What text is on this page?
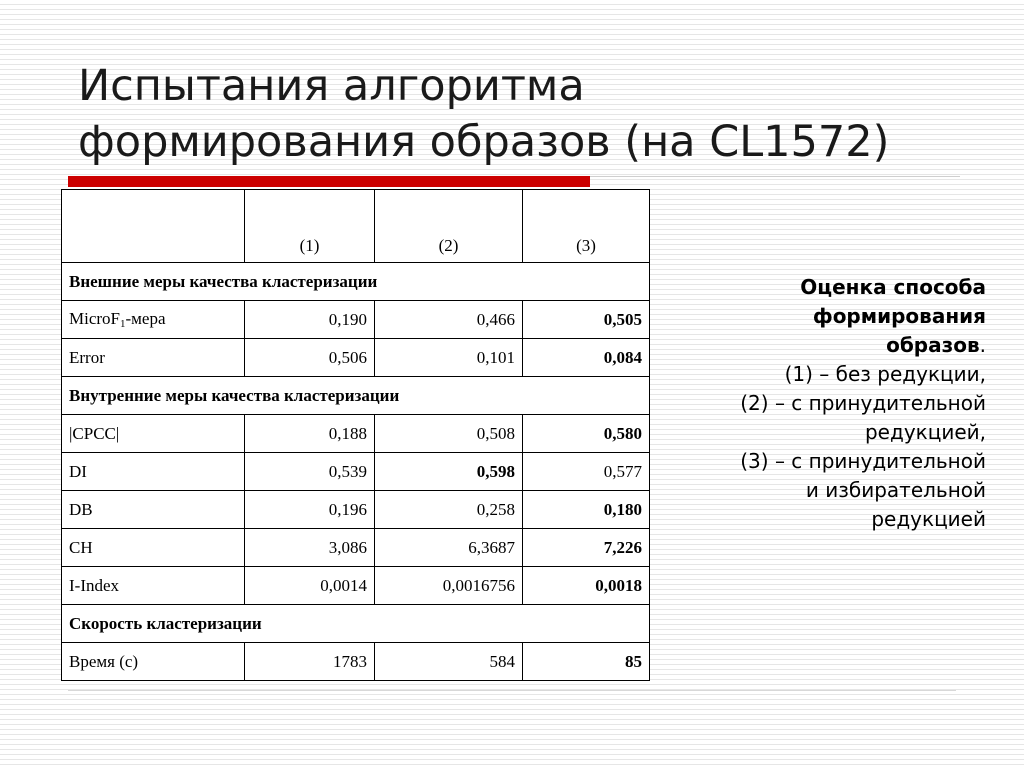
Испытания алгоритма
формирования образов (на CL1572)
	(1)	(2)	(3)
Внешние меры качества кластеризации			
MicroF$_1$-мера	0,190	0,466	0,505
Error	0,506	0,101	0,084
Внутренние меры качества кластеризации			
|CPCC|	0,188	0,508	0,580
DI	0,539	0,598	0,577
DB	0,196	0,258	0,180
CH	3,086	6,3687	7,226
I-Index	0,0014	0,0016756	0,0018
Скорость кластеризации			
Время (с)	1783	584	85
Оценка способа
формирования
образов.
(1) – без редукции,
(2) – с принудительной
редукцией,
(3) – с принудительной
и избирательной
редукцией
